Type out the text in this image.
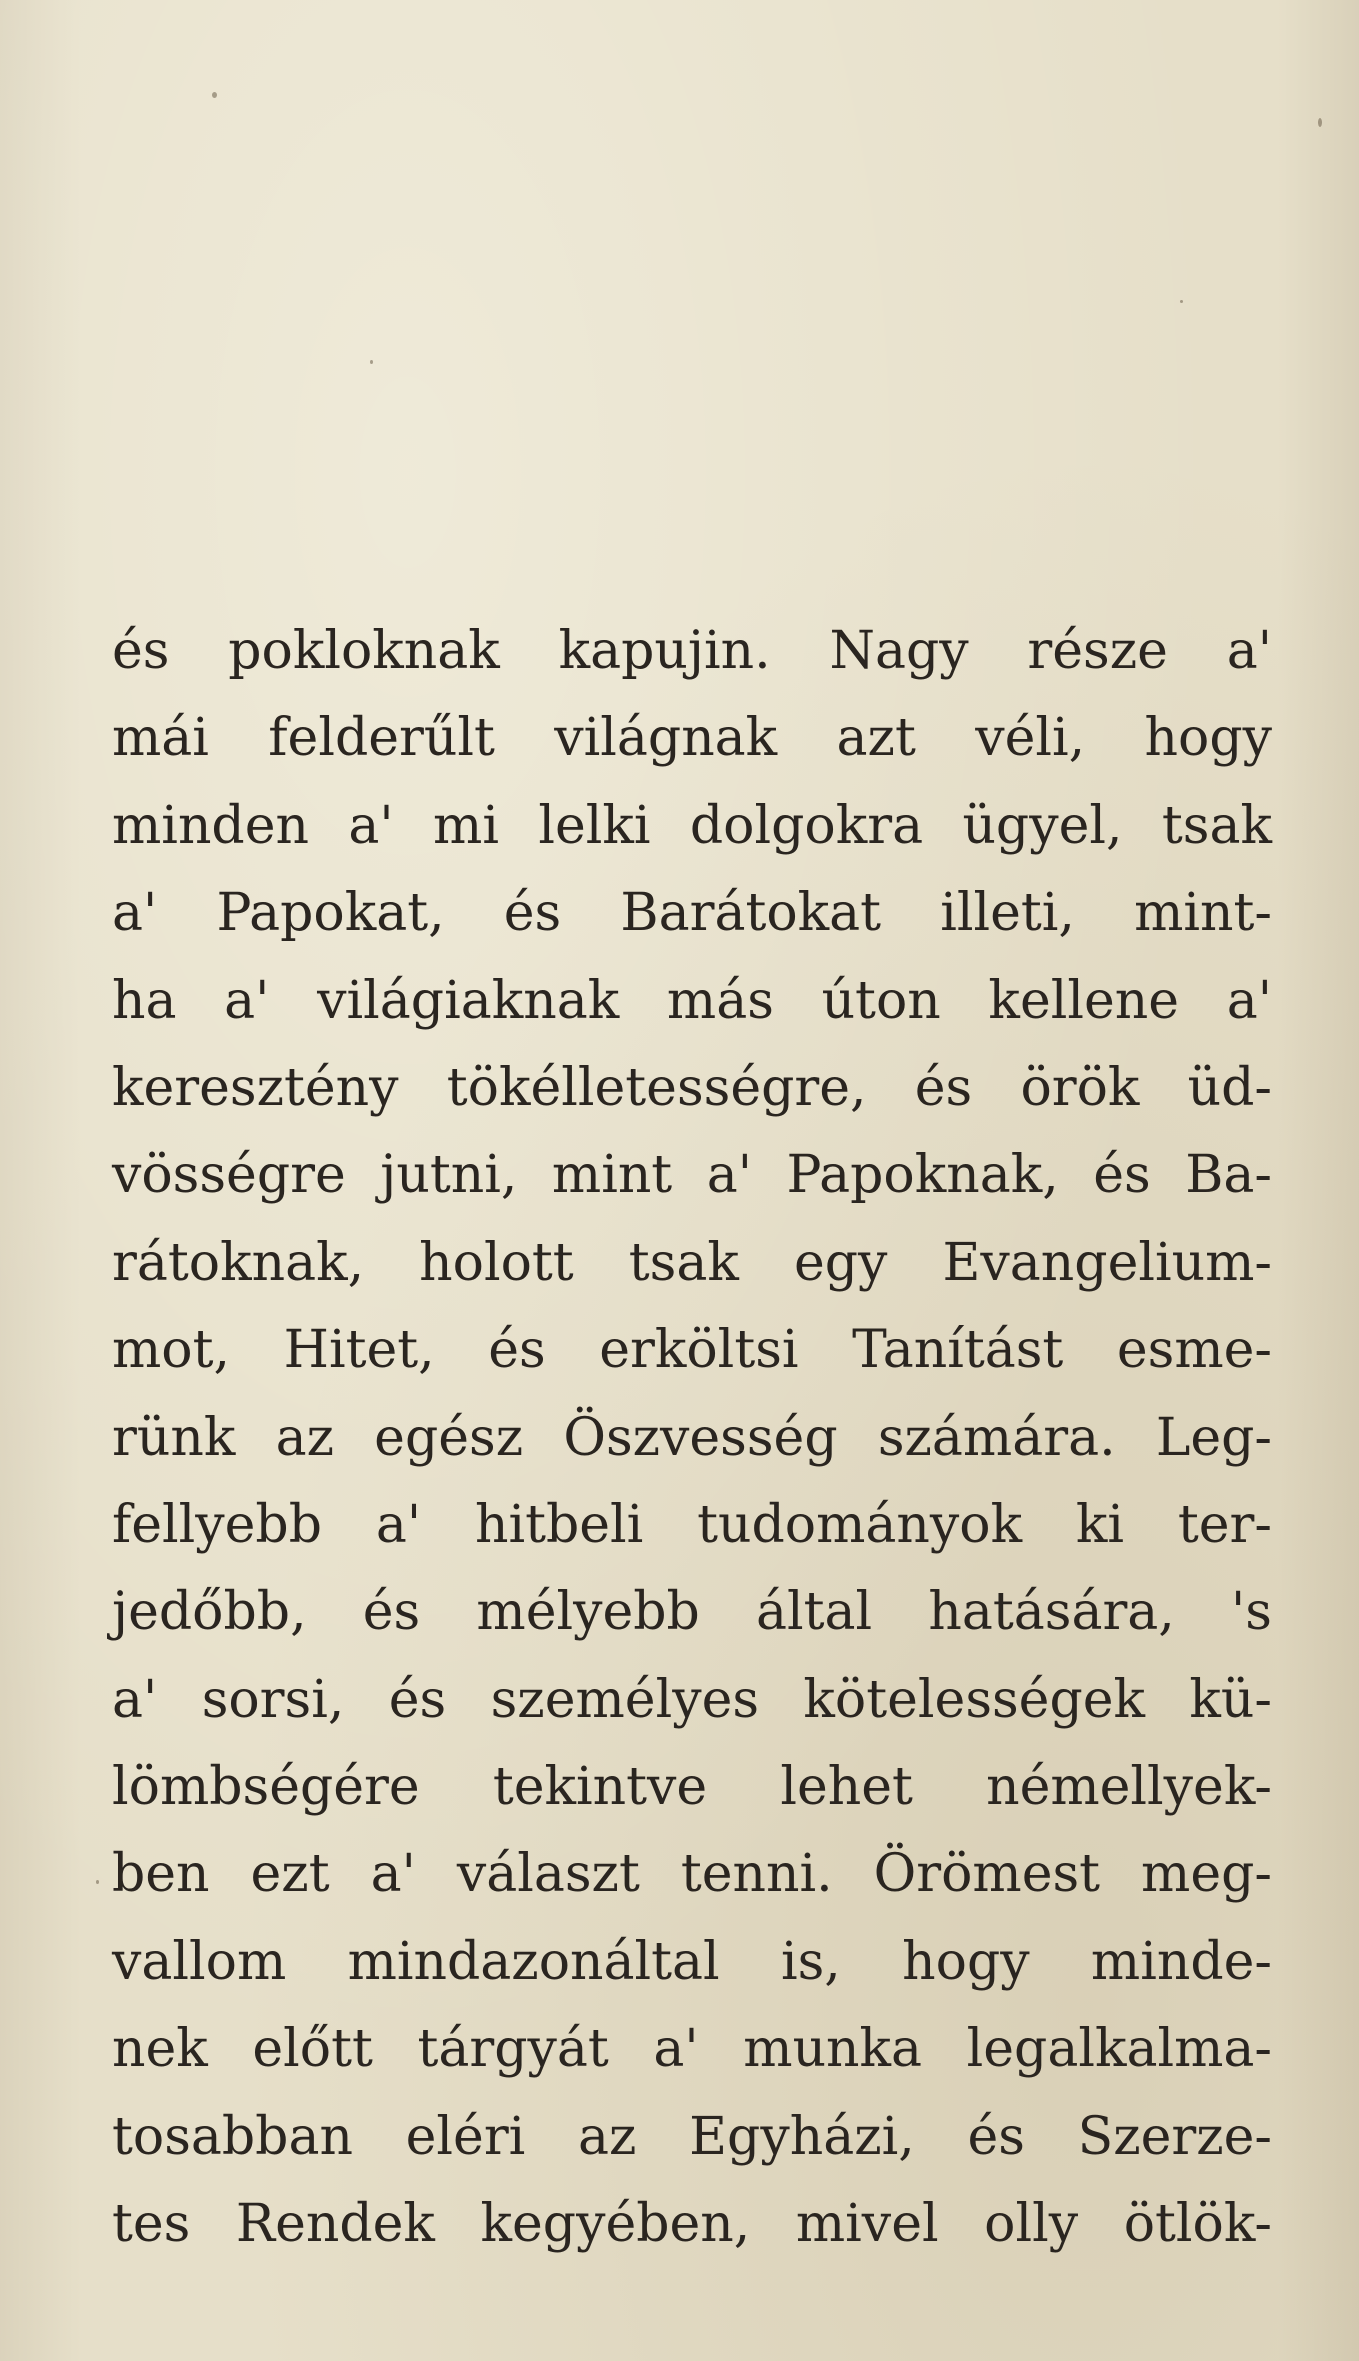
és pokloknak kapujin. Nagy része a'
mái felderűlt világnak azt véli, hogy
minden a' mi lelki dolgokra ügyel, tsak
a' Papokat, és Barátokat illeti, mint-
ha a' világiaknak más úton kellene a'
keresztény tökélletességre, és örök üd-
vösségre jutni, mint a' Papoknak, és Ba-
rátoknak, holott tsak egy Evangelium-
mot, Hitet, és erköltsi Tanítást esme-
rünk az egész Öszvesség számára. Leg-
fellyebb a' hitbeli tudományok ki ter-
jedőbb, és mélyebb által hatására, 's
a' sorsi, és személyes kötelességek kü-
lömbségére tekintve lehet némellyek-
ben ezt a' választ tenni. Örömest meg-
vallom mindazonáltal is, hogy minde-
nek előtt tárgyát a' munka legalkalma-
tosabban eléri az Egyházi, és Szerze-
tes Rendek kegyében, mivel olly ötlök-
